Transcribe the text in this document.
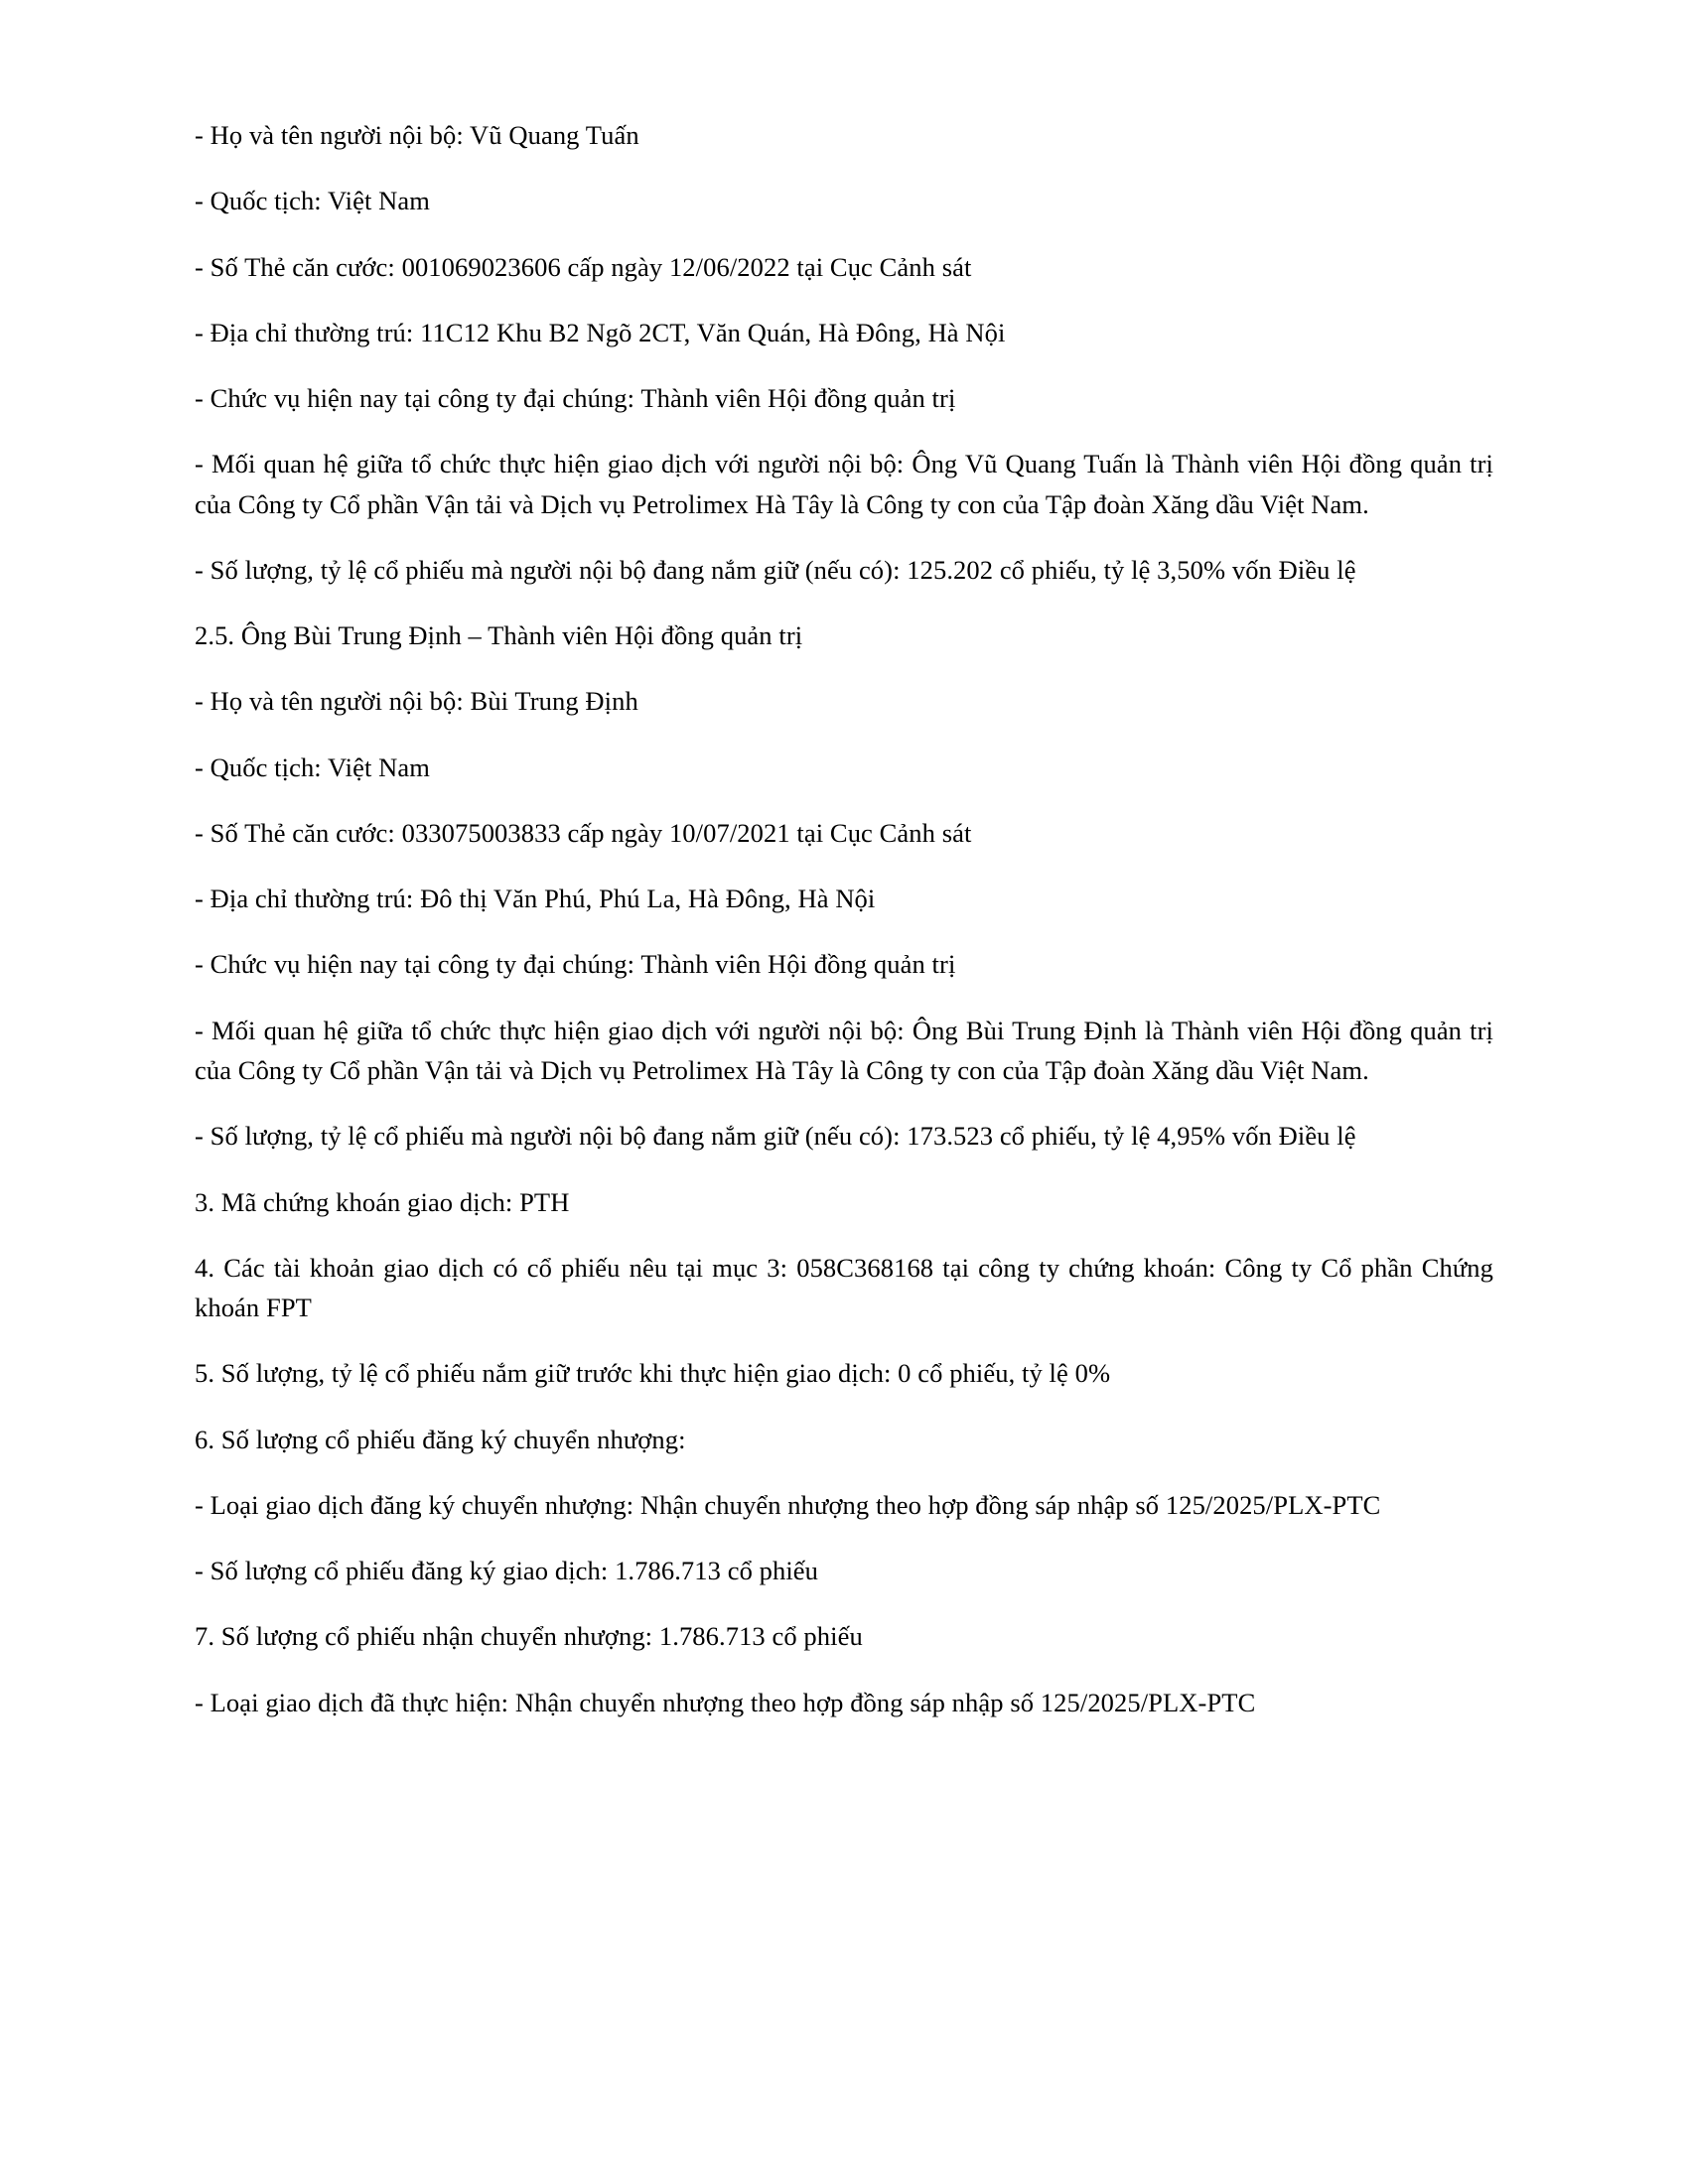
- Họ và tên người nội bộ: Vũ Quang Tuấn

- Quốc tịch: Việt Nam

- Số Thẻ căn cước: 001069023606 cấp ngày 12/06/2022 tại Cục Cảnh sát

- Địa chỉ thường trú: 11C12 Khu B2 Ngõ 2CT, Văn Quán, Hà Đông, Hà Nội

- Chức vụ hiện nay tại công ty đại chúng: Thành viên Hội đồng quản trị

- Mối quan hệ giữa tổ chức thực hiện giao dịch với người nội bộ: Ông Vũ Quang Tuấn là Thành viên Hội đồng quản trị của Công ty Cổ phần Vận tải và Dịch vụ Petrolimex Hà Tây là Công ty con của Tập đoàn Xăng dầu Việt Nam.

- Số lượng, tỷ lệ cổ phiếu mà người nội bộ đang nắm giữ (nếu có): 125.202 cổ phiếu, tỷ lệ 3,50% vốn Điều lệ

2.5. Ông Bùi Trung Định – Thành viên Hội đồng quản trị

- Họ và tên người nội bộ: Bùi Trung Định

- Quốc tịch: Việt Nam

- Số Thẻ căn cước: 033075003833 cấp ngày 10/07/2021 tại Cục Cảnh sát

- Địa chỉ thường trú: Đô thị Văn Phú, Phú La, Hà Đông, Hà Nội

- Chức vụ hiện nay tại công ty đại chúng: Thành viên Hội đồng quản trị

- Mối quan hệ giữa tổ chức thực hiện giao dịch với người nội bộ: Ông Bùi Trung Định là Thành viên Hội đồng quản trị của Công ty Cổ phần Vận tải và Dịch vụ Petrolimex Hà Tây là Công ty con của Tập đoàn Xăng dầu Việt Nam.

- Số lượng, tỷ lệ cổ phiếu mà người nội bộ đang nắm giữ (nếu có): 173.523 cổ phiếu, tỷ lệ 4,95% vốn Điều lệ

3. Mã chứng khoán giao dịch: PTH

4. Các tài khoản giao dịch có cổ phiếu nêu tại mục 3: 058C368168 tại công ty chứng khoán: Công ty Cổ phần Chứng khoán FPT

5. Số lượng, tỷ lệ cổ phiếu nắm giữ trước khi thực hiện giao dịch: 0 cổ phiếu, tỷ lệ 0%

6. Số lượng cổ phiếu đăng ký chuyển nhượng:

- Loại giao dịch đăng ký chuyển nhượng: Nhận chuyển nhượng theo hợp đồng sáp nhập số 125/2025/PLX-PTC

- Số lượng cổ phiếu đăng ký giao dịch: 1.786.713 cổ phiếu

7. Số lượng cổ phiếu nhận chuyển nhượng: 1.786.713 cổ phiếu

- Loại giao dịch đã thực hiện: Nhận chuyển nhượng theo hợp đồng sáp nhập số 125/2025/PLX-PTC
